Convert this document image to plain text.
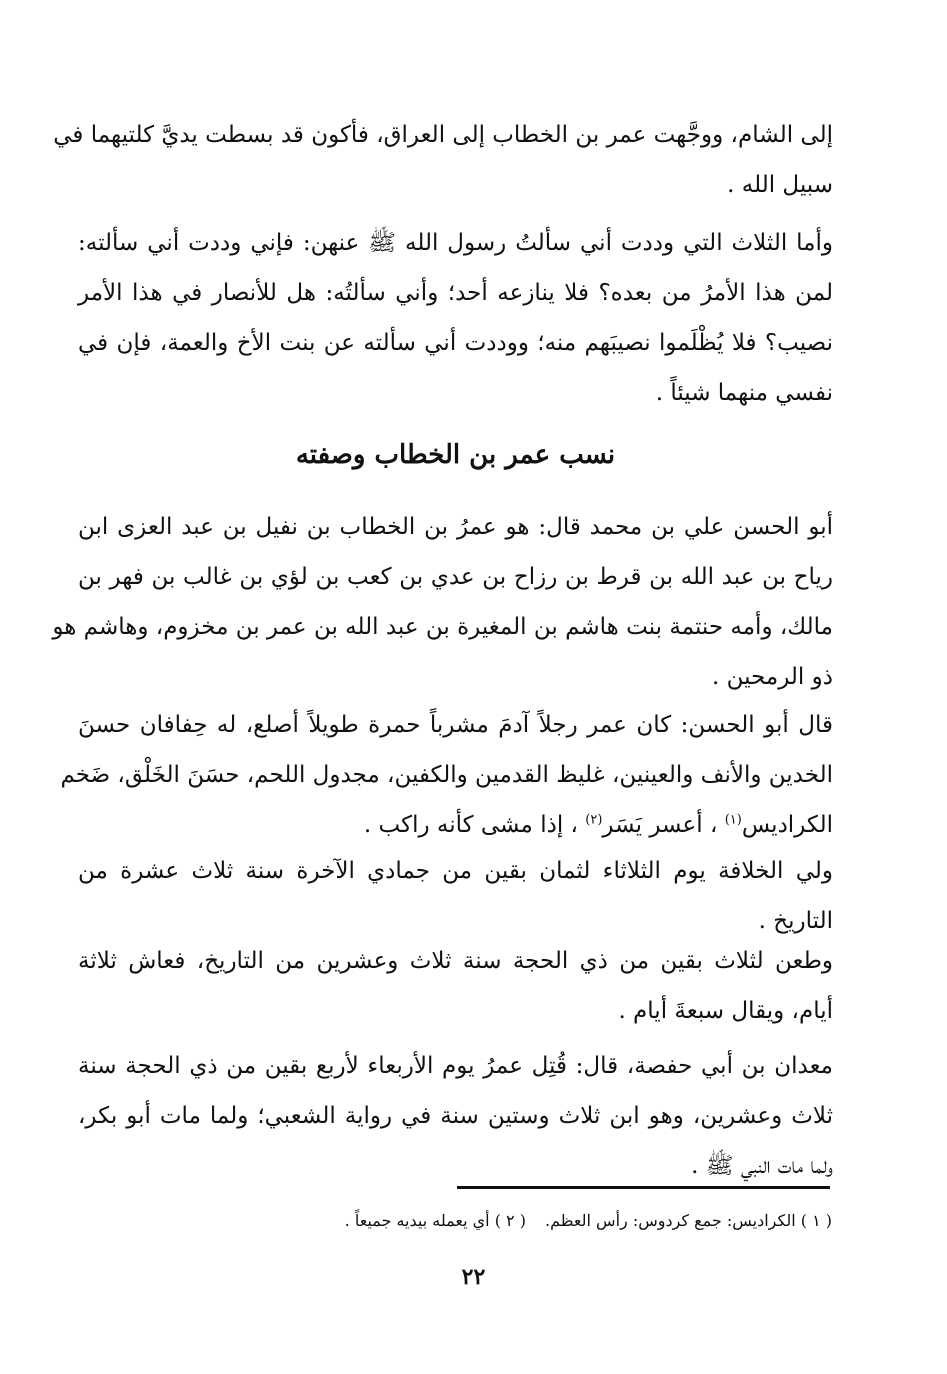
إلى الشام، ووجَّهت عمر بن الخطاب إلى العراق، فأكون قد بسطت يديَّ كلتيهما في
سبيل الله .
وأما الثلاث التي وددت أني سألتُ رسول الله ﷺ عنهن: فإني وددت أني سألته:
لمن هذا الأمرُ من بعده؟ فلا ينازعه أحد؛ وأني سألتُه: هل للأنصار في هذا الأمر
نصيب؟ فلا يُظْلَموا نصيبَهم منه؛ ووددت أني سألته عن بنت الأخ والعمة، فإن في
نفسي منهما شيئاً .
نسب عمر بن الخطاب وصفته
أبو الحسن علي بن محمد قال: هو عمرُ بن الخطاب بن نفيل بن عبد العزى ابن
رياح بن عبد الله بن قرط بن رزاح بن عدي بن كعب بن لؤي بن غالب بن فهر بن
مالك، وأمه حنتمة بنت هاشم بن المغيرة بن عبد الله بن عمر بن مخزوم، وهاشم هو
ذو الرمحين .
قال أبو الحسن: كان عمر رجلاً آدمَ مشرباً حمرة طويلاً أصلع، له حِفافان حسنَ
الخدين والأنف والعينين، غليظ القدمين والكفين، مجدول اللحم، حسَنَ الخَلْق، ضَخم
الكراديس$^{(١)}$ ، أعسر يَسَر$^{(٢)}$ ، إذا مشى كأنه راكب .
ولي الخلافة يوم الثلاثاء لثمان بقين من جمادي الآخرة سنة ثلاث عشرة من
التاريخ .
وطعن لثلاث بقين من ذي الحجة سنة ثلاث وعشرين من التاريخ، فعاش ثلاثة
أيام، ويقال سبعةَ أيام .
معدان بن أبي حفصة، قال: قُتِل عمرُ يوم الأربعاء لأربع بقين من ذي الحجة سنة
ثلاث وعشرين، وهو ابن ثلاث وستين سنة في رواية الشعبي؛ ولما مات أبو بكر،
ولما مات النبي ﷺ .
( ١ ) الكراديس: جمع كردوس: رأس العظم. ( ٢ ) أي يعمله بيديه جميعاً .
٢٢
